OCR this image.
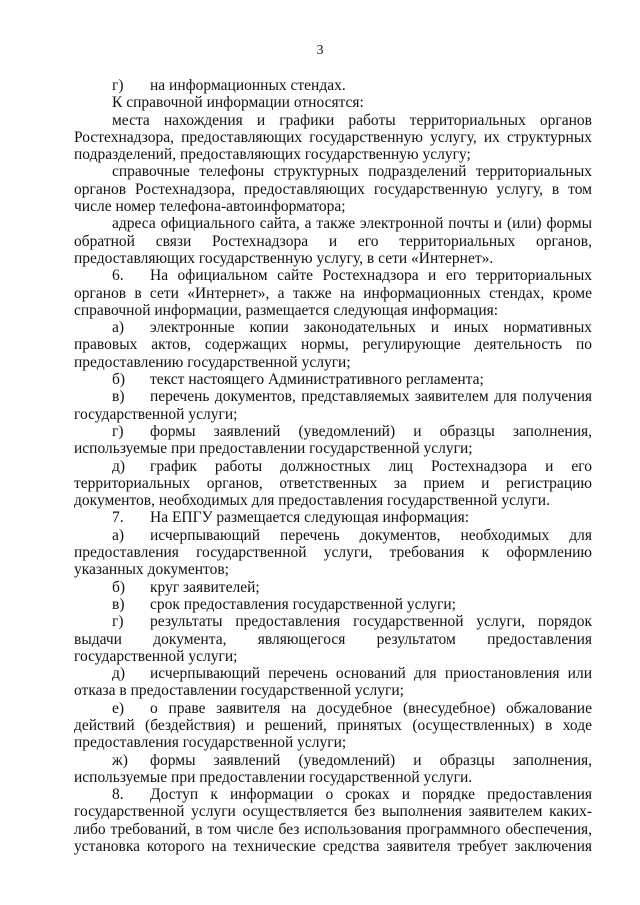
3

г) на информационных стендах.

К справочной информации относятся:

места нахождения и графики работы территориальных органов Ростехнадзора, предоставляющих государственную услугу, их структурных подразделений, предоставляющих государственную услугу;

справочные телефоны структурных подразделений территориальных органов Ростехнадзора, предоставляющих государственную услугу, в том числе номер телефона-автоинформатора;

адреса официального сайта, а также электронной почты и (или) формы обратной связи Ростехнадзора и его территориальных органов, предоставляющих государственную услугу, в сети «Интернет».

6. На официальном сайте Ростехнадзора и его территориальных органов в сети «Интернет», а также на информационных стендах, кроме справочной информации, размещается следующая информация:

а) электронные копии законодательных и иных нормативных правовых актов, содержащих нормы, регулирующие деятельность по предоставлению государственной услуги;

б) текст настоящего Административного регламента;

в) перечень документов, представляемых заявителем для получения государственной услуги;

г) формы заявлений (уведомлений) и образцы заполнения, используемые при предоставлении государственной услуги;

д) график работы должностных лиц Ростехнадзора и его территориальных органов, ответственных за прием и регистрацию документов, необходимых для предоставления государственной услуги.

7. На ЕПГУ размещается следующая информация:

а) исчерпывающий перечень документов, необходимых для предоставления государственной услуги, требования к оформлению указанных документов;

б) круг заявителей;

в) срок предоставления государственной услуги;

г) результаты предоставления государственной услуги, порядок выдачи документа, являющегося результатом предоставления государственной услуги;

д) исчерпывающий перечень оснований для приостановления или отказа в предоставлении государственной услуги;

е) о праве заявителя на досудебное (внесудебное) обжалование действий (бездействия) и решений, принятых (осуществленных) в ходе предоставления государственной услуги;

ж) формы заявлений (уведомлений) и образцы заполнения, используемые при предоставлении государственной услуги.

8. Доступ к информации о сроках и порядке предоставления государственной услуги осуществляется без выполнения заявителем каких-либо требований, в том числе без использования программного обеспечения, установка которого на технические средства заявителя требует заключения
